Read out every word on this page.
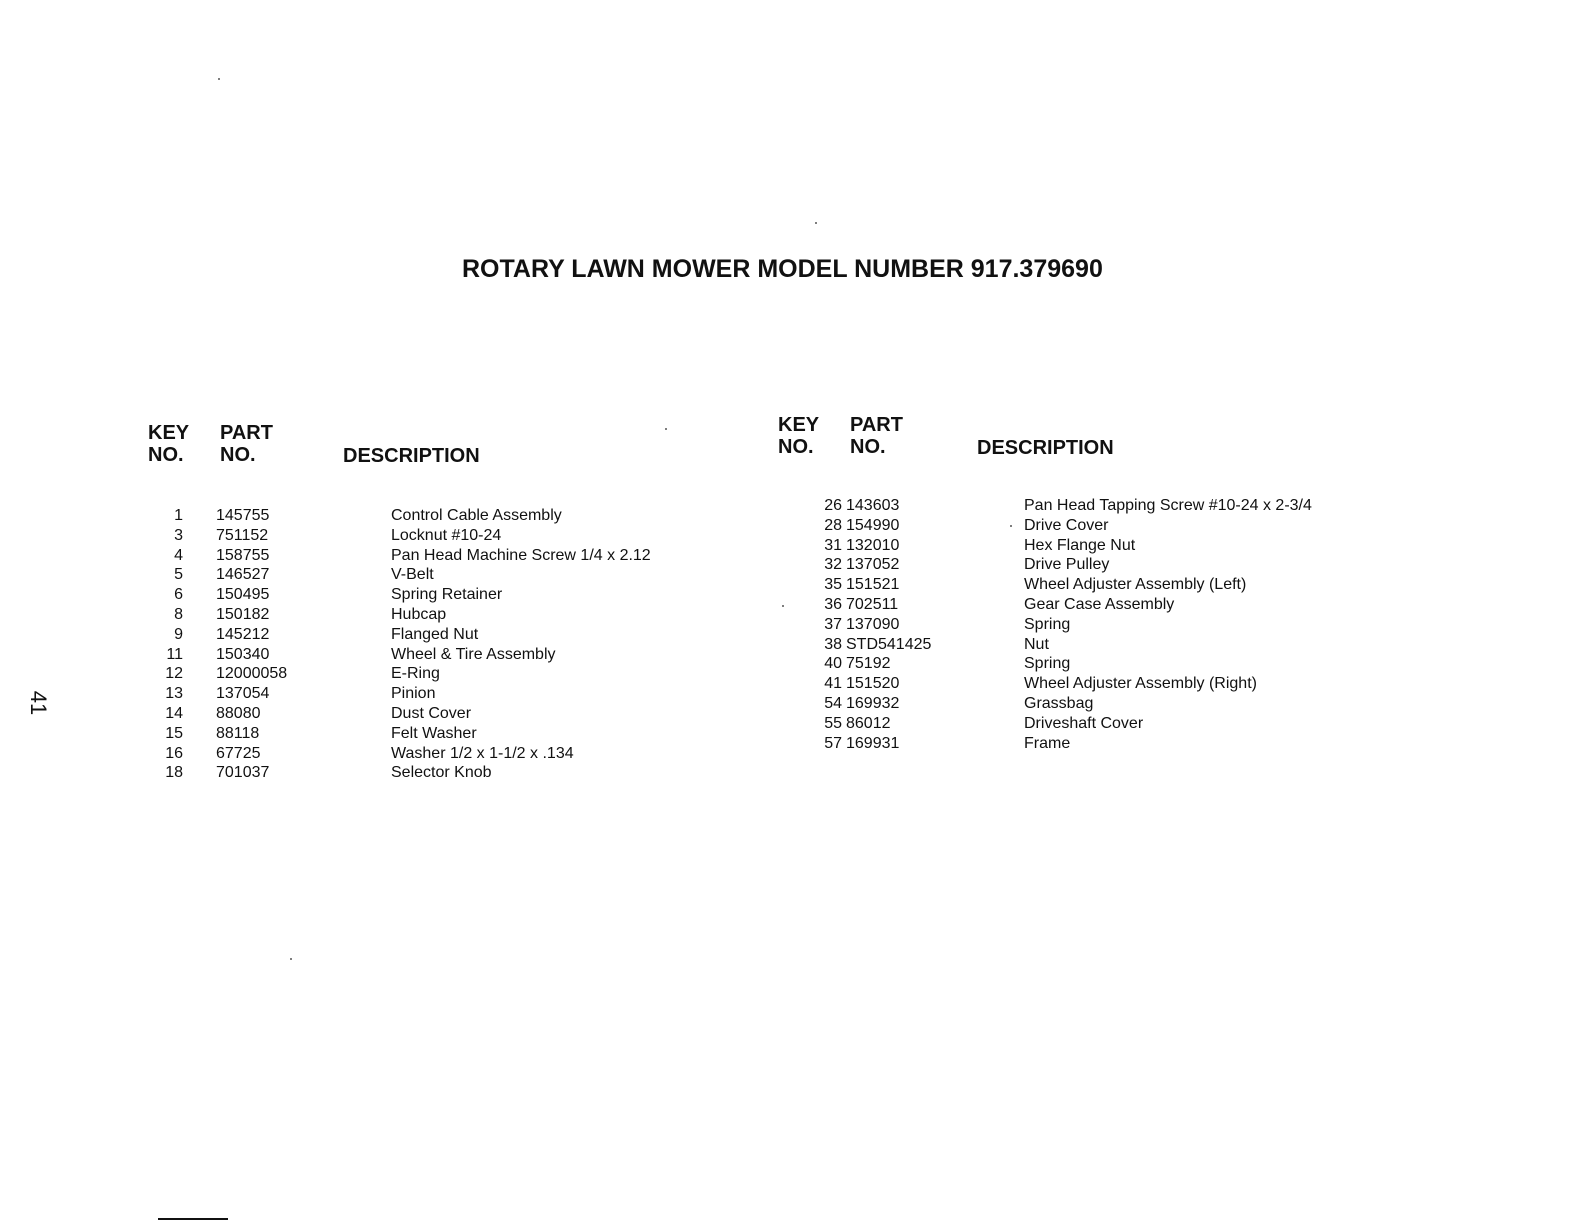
ROTARY LAWN MOWER MODEL NUMBER 917.379690
41
KEY
NO.
PART
NO.	DESCRIPTION
KEY
NO.
PART
NO.	DESCRIPTION
1 145755	Control Cable Assembly
3 751152	Locknut #10-24
4 158755	Pan Head Machine Screw 1/4 x 2.12
5 146527	V-Belt
6 150495	Spring Retainer
8 150182	Hubcap
9 145212	Flanged Nut
11 150340	Wheel & Tire Assembly
12 12000058	E-Ring
13 137054	Pinion
14 88080	Dust Cover
15 88118	Felt Washer
16 67725	Washer 1/2 x 1-1/2 x .134
18 701037	Selector Knob
26 143603	Pan Head Tapping Screw #10-24 x 2-3/4
28 154990	Drive Cover
31 132010	Hex Flange Nut
32 137052	Drive Pulley
35 151521	Wheel Adjuster Assembly (Left)
36 702511	Gear Case Assembly
37 137090	Spring
38 STD541425	Nut
40 75192	Spring
41 151520	Wheel Adjuster Assembly (Right)
54 169932	Grassbag
55 86012	Driveshaft Cover
57 169931	Frame
